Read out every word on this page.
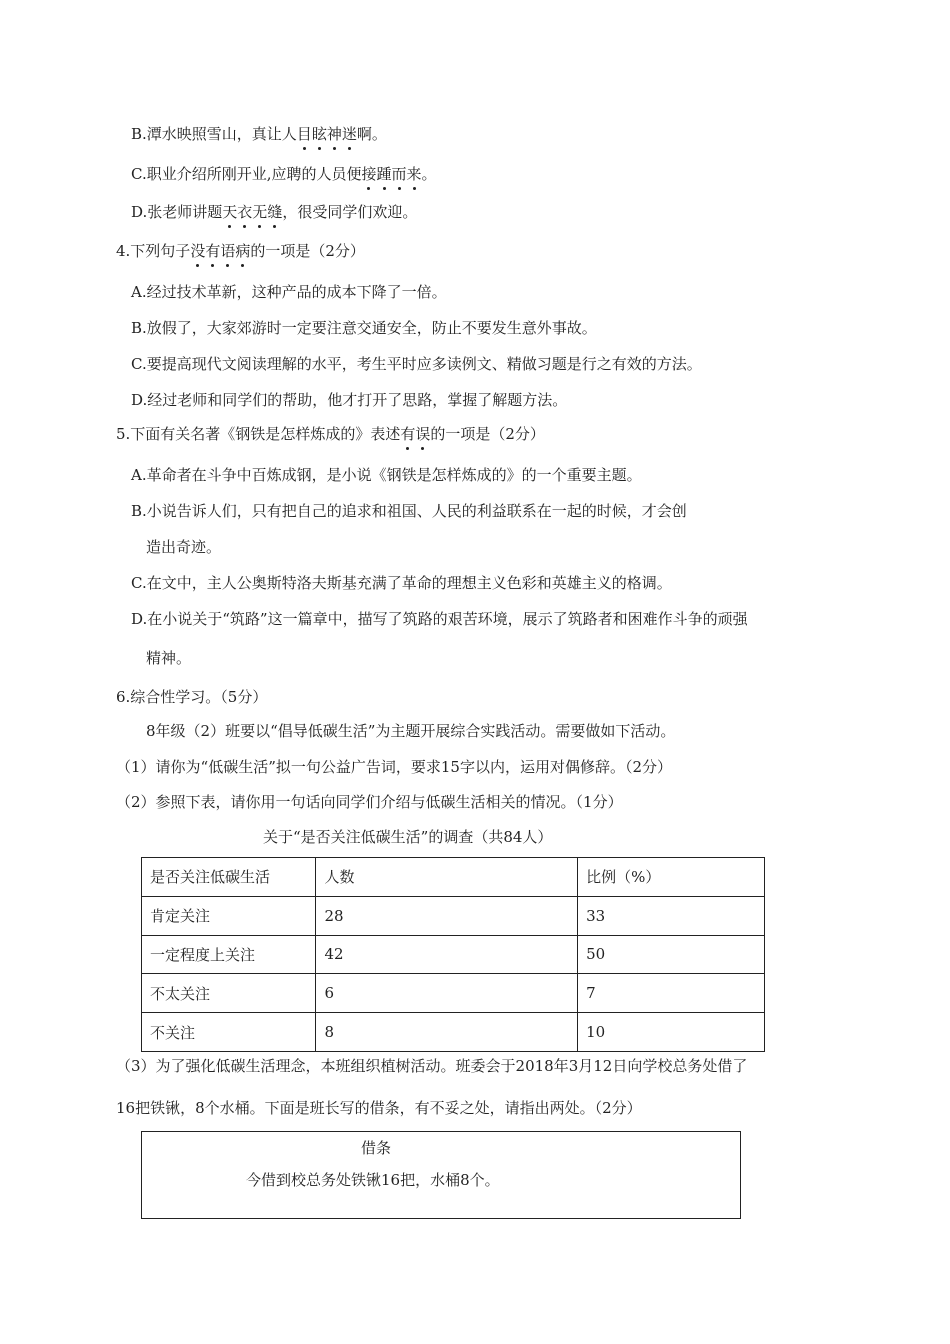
B.潭水映照雪山，真让人目眩神迷啊。
C.职业介绍所刚开业,应聘的人员便接踵而来。
D.张老师讲题天衣无缝，很受同学们欢迎。
4.下列句子没有语病的一项是（2分）
A.经过技术革新，这种产品的成本下降了一倍。
B.放假了，大家郊游时一定要注意交通安全，防止不要发生意外事故。
C.要提高现代文阅读理解的水平，考生平时应多读例文、精做习题是行之有效的方法。
D.经过老师和同学们的帮助，他才打开了思路，掌握了解题方法。
5.下面有关名著《钢铁是怎样炼成的》表述有误的一项是（2分）
A.革命者在斗争中百炼成钢，是小说《钢铁是怎样炼成的》的一个重要主题。
B.小说告诉人们，只有把自己的追求和祖国、人民的利益联系在一起的时候，才会创
造出奇迹。
C.在文中，主人公奥斯特洛夫斯基充满了革命的理想主义色彩和英雄主义的格调。
D.在小说关于“筑路”这一篇章中，描写了筑路的艰苦环境，展示了筑路者和困难作斗争的顽强
精神。
6.综合性学习。（5分）
8年级（2）班要以“倡导低碳生活”为主题开展综合实践活动。需要做如下活动。
（1）请你为“低碳生活”拟一句公益广告词，要求15字以内，运用对偶修辞。（2分）
（2）参照下表，请你用一句话向同学们介绍与低碳生活相关的情况。（1分）
关于“是否关注低碳生活”的调查（共84人）
是否关注低碳生活	人数	比例（%）
肯定关注	28	33
一定程度上关注	42	50
不太关注	6	7
不关注	8	10
（3）为了强化低碳生活理念，本班组织植树活动。班委会于2018年3月12日向学校总务处借了
16把铁锹，8个水桶。下面是班长写的借条，有不妥之处，请指出两处。（2分）
借条
今借到校总务处铁锹16把，水桶8个。
